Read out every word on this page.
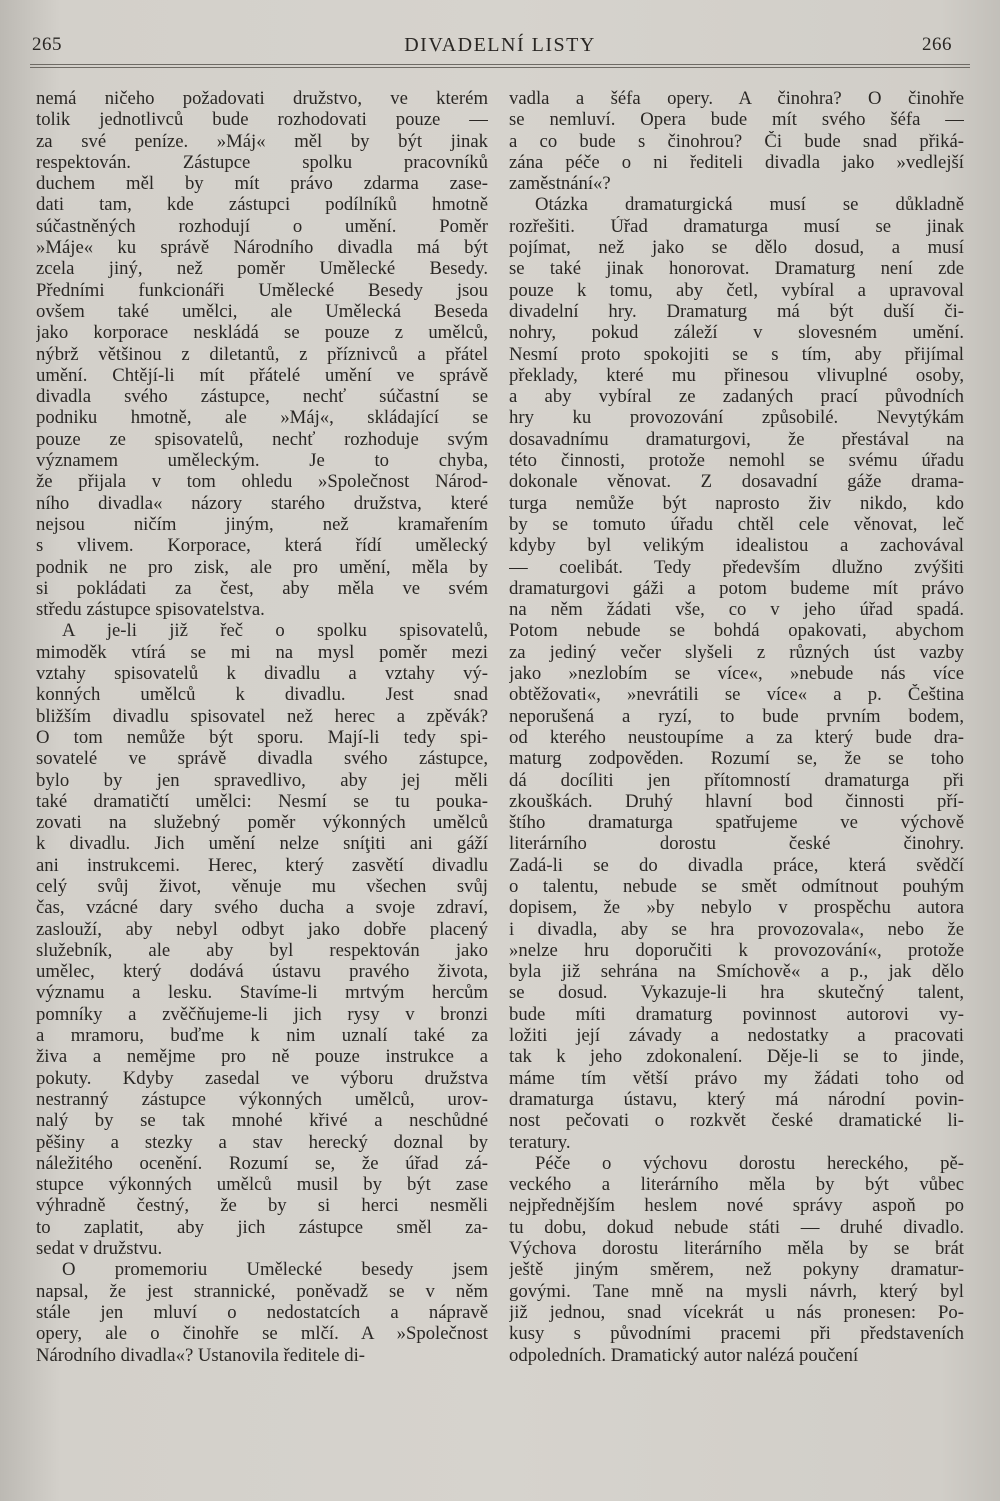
265	DIVADELNÍ LISTY	266
nemá ničeho požadovati družstvo, ve kterém
tolik jednotlivců bude rozhodovati pouze —
za své peníze. »Máj« měl by být jinak
respektován. Zástupce spolku pracovníků
duchem měl by mít právo zdarma zase-
dati tam, kde zástupci podílníků hmotně
súčastněných rozhodují o umění. Poměr
»Máje« ku správě Národního divadla má být
zcela jiný, než poměr Umělecké Besedy.
Předními funkcionáři Umělecké Besedy jsou
ovšem také umělci, ale Umělecká Beseda
jako korporace neskládá se pouze z umělců,
nýbrž většinou z diletantů, z příznivců a přátel
umění. Chtějí-li mít přátelé umění ve správě
divadla svého zástupce, nechť súčastní se
podniku hmotně, ale »Máj«, skládající se
pouze ze spisovatelů, nechť rozhoduje svým
významem uměleckým. Je to chyba,
že přijala v tom ohledu »Společnost Národ-
ního divadla« názory starého družstva, které
nejsou ničím jiným, než kramařením
s vlivem. Korporace, která řídí umělecký
podnik ne pro zisk, ale pro umění, měla by
si pokládati za čest, aby měla ve svém
středu zástupce spisovatelstva.
A je-li již řeč o spolku spisovatelů,
mimoděk vtírá se mi na mysl poměr mezi
vztahy spisovatelů k divadlu a vztahy vý-
konných umělců k divadlu. Jest snad
bližším divadlu spisovatel než herec a zpěvák?
O tom nemůže být sporu. Mají-li tedy spi-
sovatelé ve správě divadla svého zástupce,
bylo by jen spravedlivo, aby jej měli
také dramatičtí umělci: Nesmí se tu pouka-
zovati na služebný poměr výkonných umělců
k divadlu. Jich umění nelze sníţiti ani gáží
ani instrukcemi. Herec, který zasvětí divadlu
celý svůj život, věnuje mu všechen svůj
čas, vzácné dary svého ducha a svoje zdraví,
zaslouží, aby nebyl odbyt jako dobře placený
služebník, ale aby byl respektován jako
umělec, který dodává ústavu pravého života,
významu a lesku. Stavíme-li mrtvým hercům
pomníky a zvěčňujeme-li jich rysy v bronzi
a mramoru, buďme k nim uznalí také za
živa a nemějme pro ně pouze instrukce a
pokuty. Kdyby zasedal ve výboru družstva
nestranný zástupce výkonných umělců, urov-
nalý by se tak mnohé křivé a neschůdné
pěšiny a stezky a stav herecký doznal by
náležitého ocenění. Rozumí se, že úřad zá-
stupce výkonných umělců musil by být zase
výhradně čestný, že by si herci nesměli
to zaplatit, aby jich zástupce směl za-
sedat v družstvu.
O promemoriu Umělecké besedy jsem
napsal, že jest strannické, poněvadž se v něm
stále jen mluví o nedostatcích a nápravě
opery, ale o činohře se mlčí. A »Společnost
Národního divadla«? Ustanovila ředitele di-
vadla a šéfa opery. A činohra? O činohře
se nemluví. Opera bude mít svého šéfa —
a co bude s činohrou? Či bude snad přiká-
zána péče o ni řediteli divadla jako »vedlejší
zaměstnání«?
Otázka dramaturgická musí se důkladně
rozřešiti. Úřad dramaturga musí se jinak
pojímat, než jako se dělo dosud, a musí
se také jinak honorovat. Dramaturg není zde
pouze k tomu, aby četl, vybíral a upravoval
divadelní hry. Dramaturg má být duší či-
nohry, pokud záleží v slovesném umění.
Nesmí proto spokojiti se s tím, aby přijímal
překlady, které mu přinesou vlivuplné osoby,
a aby vybíral ze zadaných prací původních
hry ku provozování způsobilé. Nevytýkám
dosavadnímu dramaturgovi, že přestával na
této činnosti, protože nemohl se svému úřadu
dokonale věnovat. Z dosavadní gáže drama-
turga nemůže být naprosto živ nikdo, kdo
by se tomuto úřadu chtěl cele věnovat, leč
kdyby byl velikým idealistou a zachovával
— coelibát. Tedy především dlužno zvýšiti
dramaturgovi gáži a potom budeme mít právo
na něm žádati vše, co v jeho úřad spadá.
Potom nebude se bohdá opakovati, abychom
za jediný večer slyšeli z různých úst vazby
jako »nezlobím se více«, »nebude nás více
obtěžovati«, »nevrátili se více« a p. Čeština
neporušená a ryzí, to bude prvním bodem,
od kterého neustoupíme a za který bude dra-
maturg zodpověden. Rozumí se, že se toho
dá docíliti jen přítomností dramaturga při
zkouškách. Druhý hlavní bod činnosti pří-
štího dramaturga spatřujeme ve výchově
literárního dorostu české činohry.
Zadá-li se do divadla práce, která svědčí
o talentu, nebude se smět odmítnout pouhým
dopisem, že »by nebylo v prospěchu autora
i divadla, aby se hra provozovala«, nebo že
»nelze hru doporučiti k provozování«, protože
byla již sehrána na Smíchově« a p., jak dělo
se dosud. Vykazuje-li hra skutečný talent,
bude míti dramaturg povinnost autorovi vy-
ložiti její závady a nedostatky a pracovati
tak k jeho zdokonalení. Děje-li se to jinde,
máme tím větší právo my žádati toho od
dramaturga ústavu, který má národní povin-
nost pečovati o rozkvět české dramatické li-
teratury.
Péče o výchovu dorostu hereckého, pě-
veckého a literárního měla by být vůbec
nejpřednějším heslem nové správy aspoň po
tu dobu, dokud nebude státi — druhé divadlo.
Výchova dorostu literárního měla by se brát
ještě jiným směrem, než pokyny dramatur-
govými. Tane mně na mysli návrh, který byl
již jednou, snad vícekrát u nás pronesen: Po-
kusy s původními pracemi při představeních
odpoledních. Dramatický autor nalézá poučení
